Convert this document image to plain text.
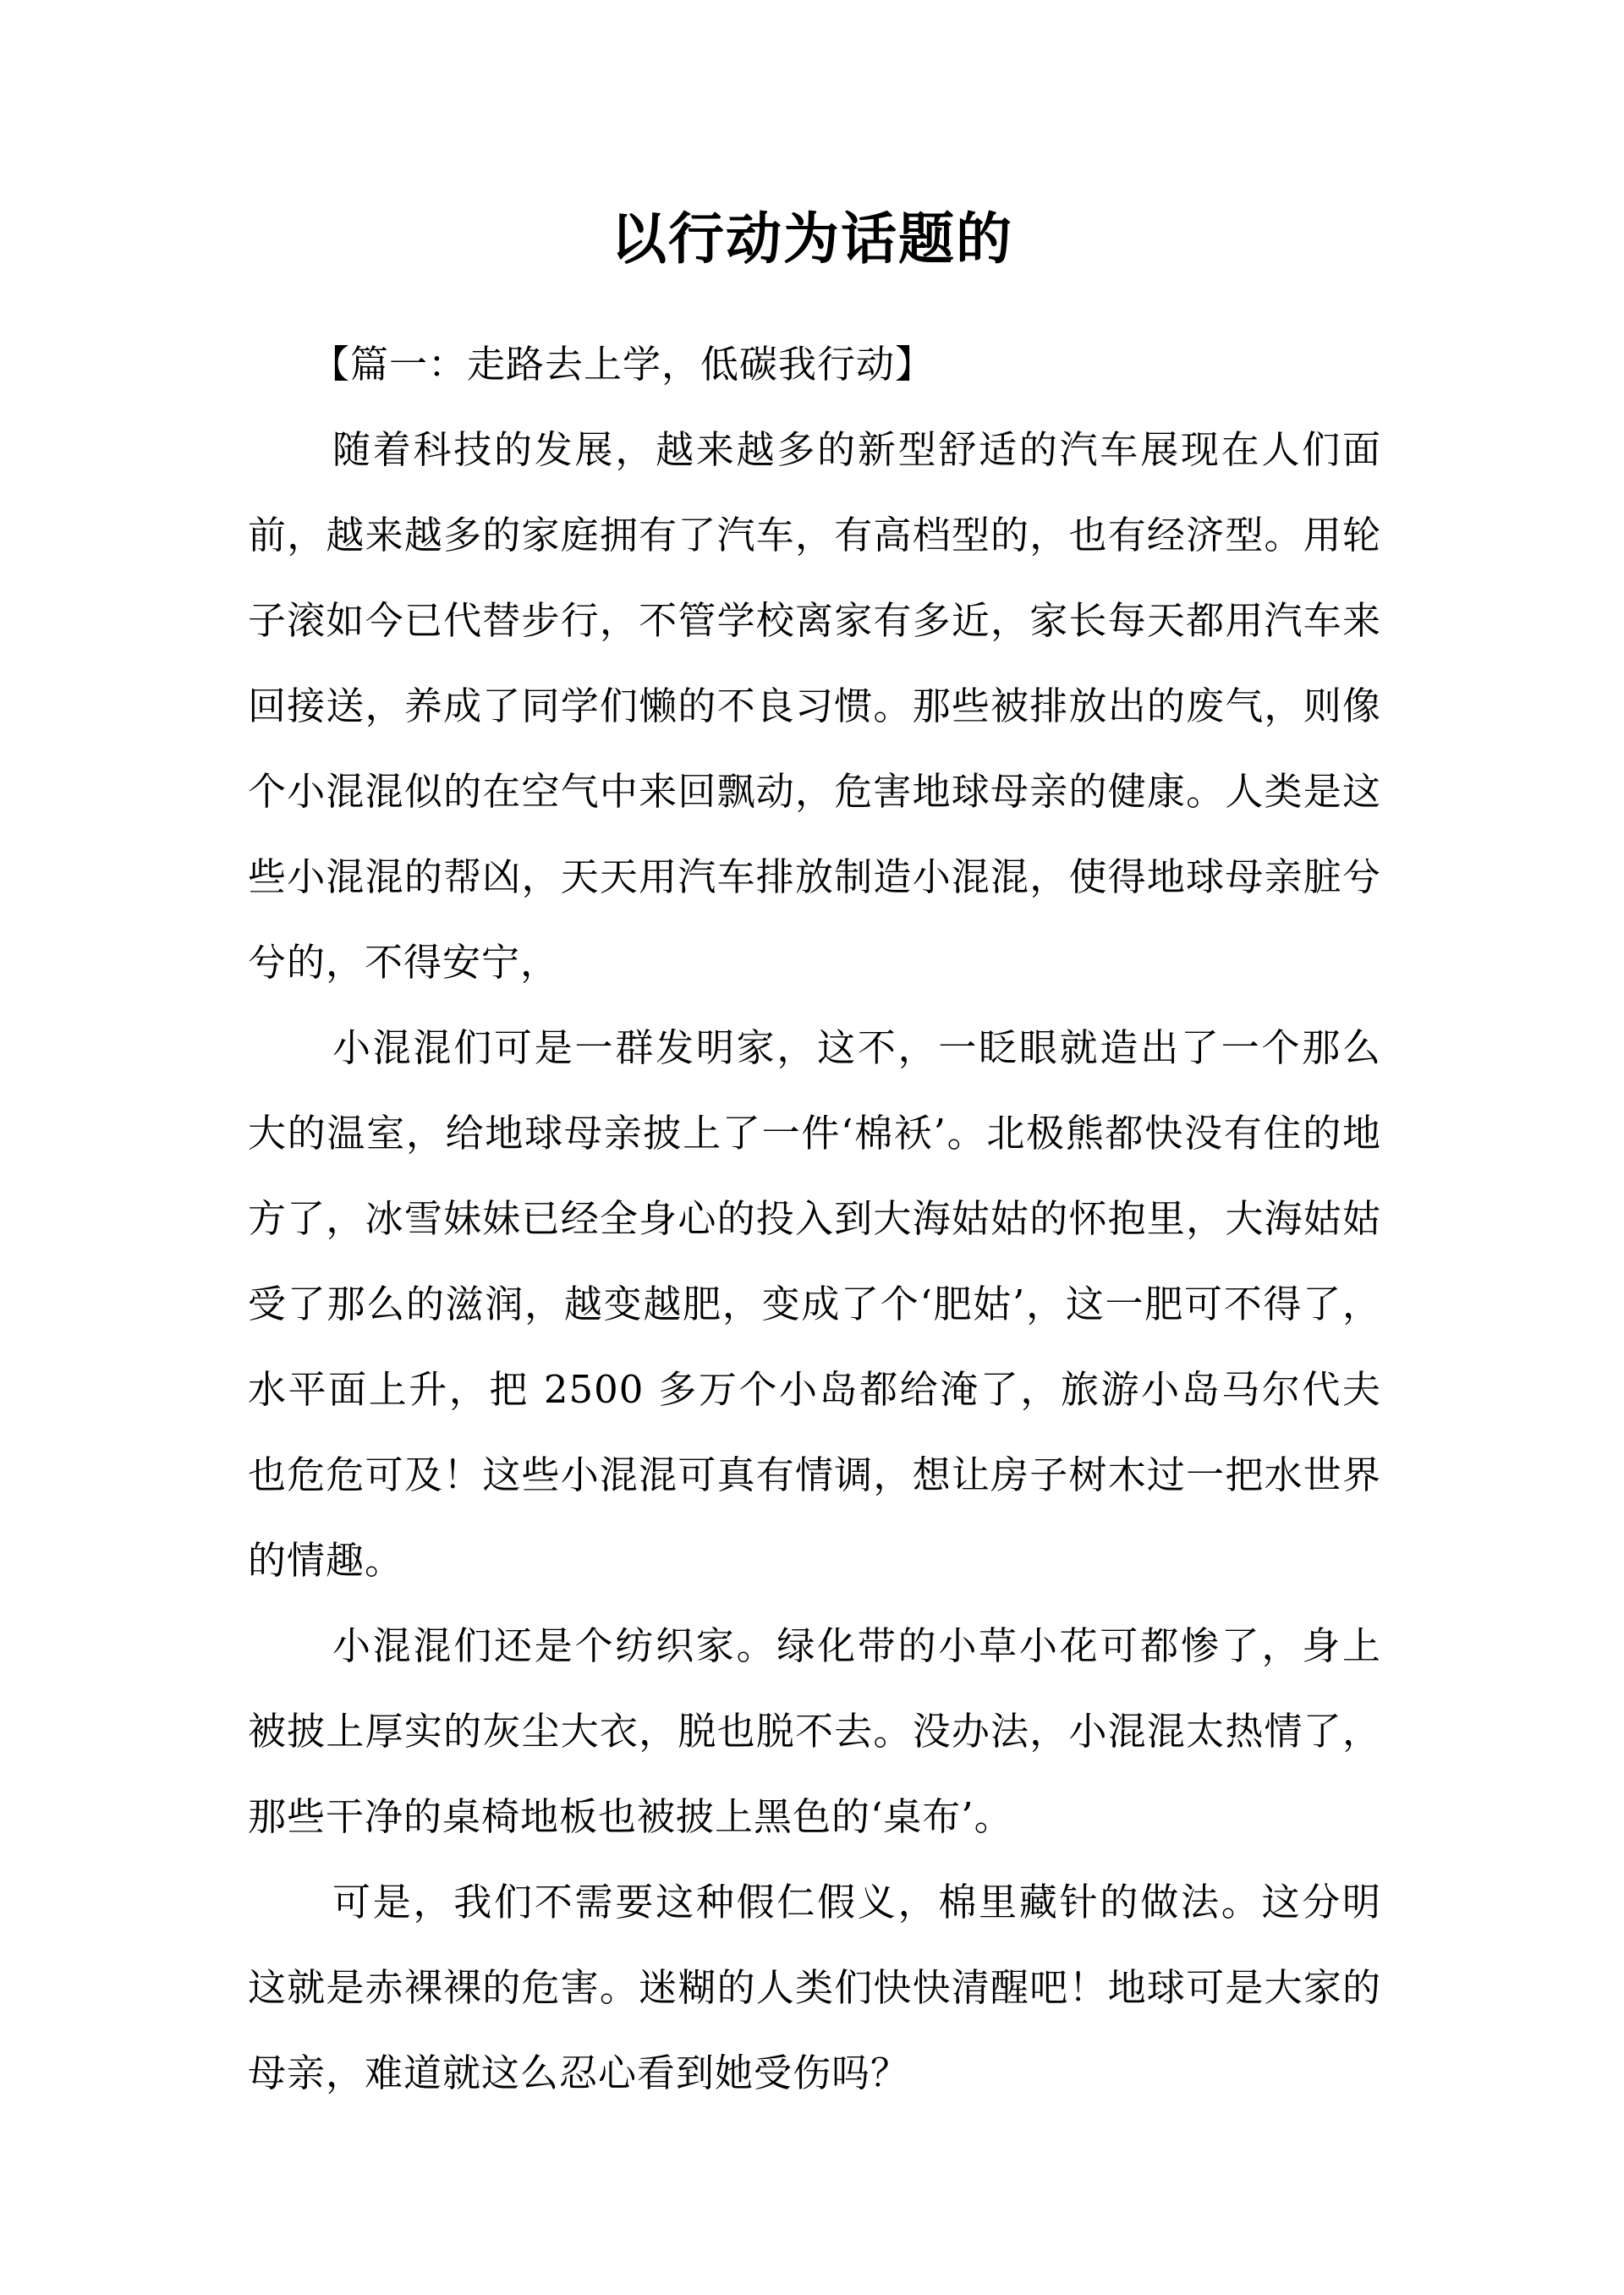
以行动为话题的

【篇一：走路去上学，低碳我行动】

随着科技的发展，越来越多的新型舒适的汽车展现在人们面前，越来越多的家庭拥有了汽车，有高档型的，也有经济型。用轮子滚如今已代替步行，不管学校离家有多近，家长每天都用汽车来回接送，养成了同学们懒的不良习惯。那些被排放出的废气，则像个小混混似的在空气中来回飘动，危害地球母亲的健康。人类是这些小混混的帮凶，天天用汽车排放制造小混混，使得地球母亲脏兮兮的，不得安宁，

小混混们可是一群发明家，这不，一眨眼就造出了一个那么大的温室，给地球母亲披上了一件‘棉袄’。北极熊都快没有住的地方了，冰雪妹妹已经全身心的投入到大海姑姑的怀抱里，大海姑姑受了那么的滋润，越变越肥，变成了个‘肥姑’，这一肥可不得了，水平面上升，把 2500 多万个小岛都给淹了，旅游小岛马尔代夫也危危可及！这些小混混可真有情调，想让房子树木过一把水世界的情趣。

小混混们还是个纺织家。绿化带的小草小花可都惨了，身上被披上厚实的灰尘大衣，脱也脱不去。没办法，小混混太热情了，那些干净的桌椅地板也被披上黑色的‘桌布’。

可是，我们不需要这种假仁假义，棉里藏针的做法。这分明这就是赤裸裸的危害。迷糊的人类们快快清醒吧！地球可是大家的母亲，难道就这么忍心看到她受伤吗？
